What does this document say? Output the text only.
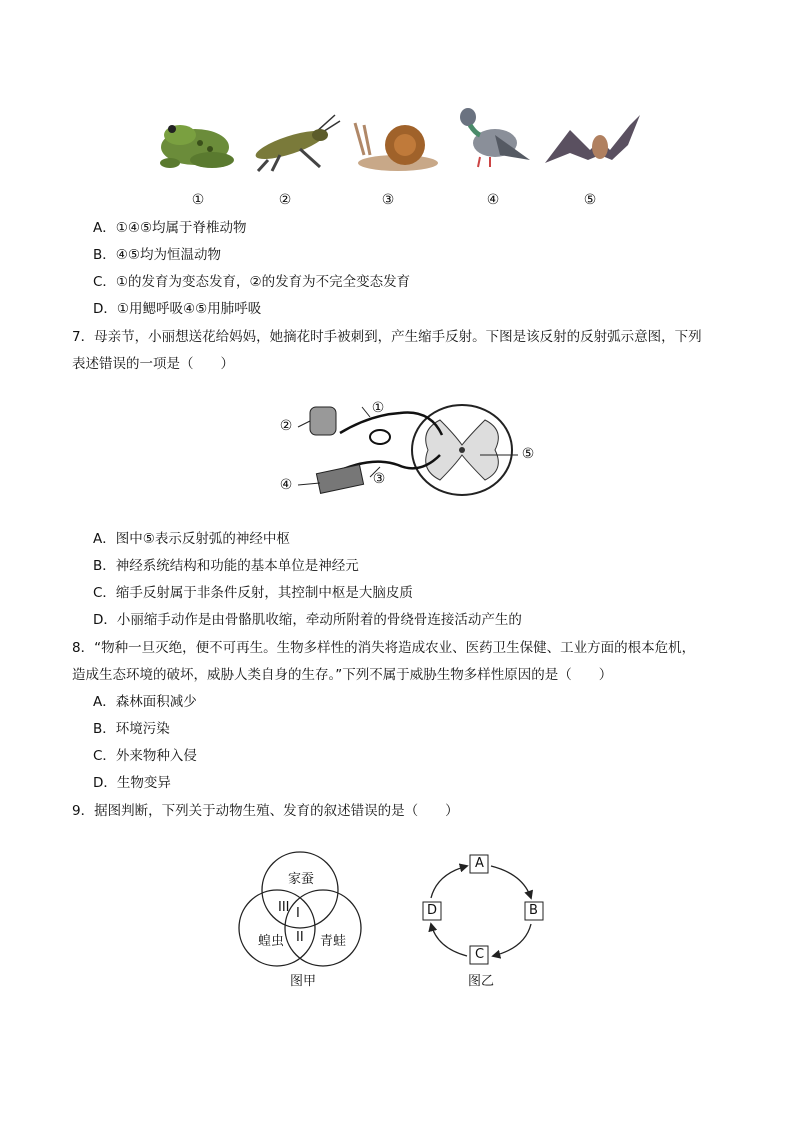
①	②	③	④	⑤
A．①④⑤均属于脊椎动物
B．④⑤均为恒温动物
C．①的发育为变态发育，②的发育为不完全变态发育
D．①用鳃呼吸④⑤用肺呼吸
7．母亲节，小丽想送花给妈妈，她摘花时手被刺到，产生缩手反射。下图是该反射的反射弧示意图，下列
表述错误的一项是（　　）
①
②
③
④
⑤
A．图中⑤表示反射弧的神经中枢
B．神经系统结构和功能的基本单位是神经元
C．缩手反射属于非条件反射，其控制中枢是大脑皮质
D．小丽缩手动作是由骨骼肌收缩，牵动所附着的骨绕骨连接活动产生的
8．“物种一旦灭绝，便不可再生。生物多样性的消失将造成农业、医药卫生保健、工业方面的根本危机，
造成生态环境的破坏，威胁人类自身的生存。”下列不属于威胁生物多样性原因的是（　　）
A．森林面积减少
B．环境污染
C．外来物种入侵
D．生物变异
9．据图判断，下列关于动物生殖、发育的叙述错误的是（　　）
家蚕
蝗虫	青蛙
I
II
III
图甲
A
B
C
D
图乙
